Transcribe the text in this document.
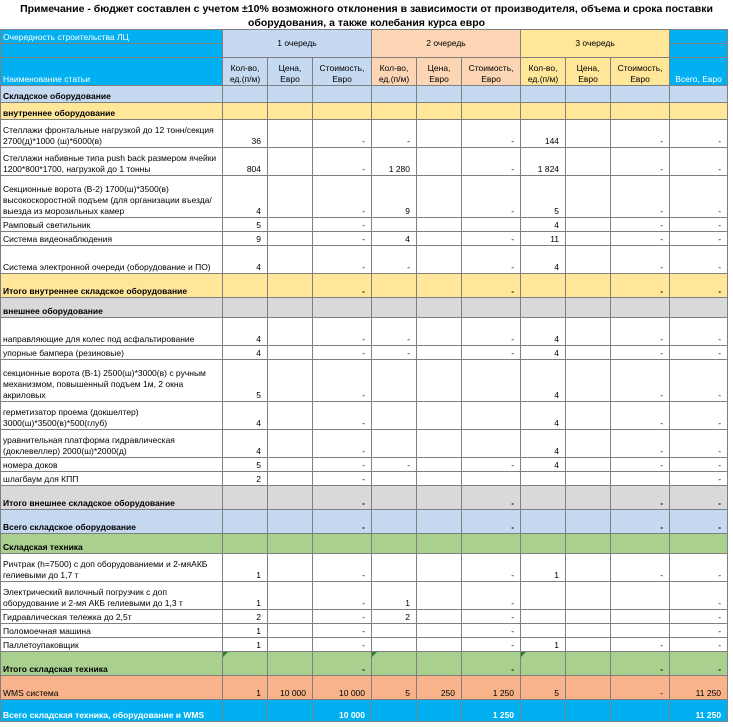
Примечание - бюджет составлен с учетом ±10% возможного отклонения в зависимости от производителя, объема и срока поставки оборудования, а также колебания курса евро
Очередность строительства ЛЦ	1 очередь			2 очередь			3 очередь			

Наименование статьи	Кол-во, ед.(п/м)	Цена, Евро	Стоимость, Евро	Кол-во, ед.(п/м)	Цена, Евро	Стоимость, Евро	Кол-во, ед.(п/м)	Цена, Евро	Стоимость, Евро	Всего, Евро
Складское оборудование										
внутреннее оборудование										
Стеллажи фронтальные нагрузкой до 12 тонн/секция 2700(д)*1000 (ш)*6000(в)	36		-	-		-	144		-	-
Стеллажи набивные типа push back размером ячейки 1200*800*1700, нагрузкой до 1 тонны	804		-	1 280		-	1 824		-	-
Секционные ворота (В-2) 1700(ш)*3500(в) высокоскоростной подъем (для организации въезда/выезда из морозильных камер	4		-	9		-	5		-	-
Рамповый светильник	5		-				4		-	-
Система видеонаблюдения	9		-	4		-	11		-	-
Система электронной очереди (оборудование и ПО)	4		-	-		-	4		-	-
Итого внутреннее складское оборудование			-			-			-	-
внешнее оборудование										
направляющие для колес под асфальтирование	4		-	-		-	4		-	-
упорные бампера (резиновые)	4		-	-		-	4		-	-
секционные ворота (В-1) 2500(ш)*3000(в) с ручным механизмом, повышенный подъем 1м, 2 окна акриловых	5		-				4		-	-
герметизатор проема (докшелтер) 3000(ш)*3500(в)*500(глуб)	4		-				4		-	-
уравнительная платформа гидравлическая (доклевеллер) 2000(ш)*2000(д)	4		-				4		-	-
номера доков	5		-	-		-	4		-	-
шлагбаум для КПП	2		-							-
Итого внешнее складское оборудование			-			-			-	-
Всего складское оборудование			-			-			-	-
Складская техника										
Ричтрак (h=7500) с доп оборудованиеми и 2-мяАКБ гелиевыми до 1,7 т	1		-			-	1		-	-
Электрический вилочный погрузчик с доп оборудование и 2-мя АКБ гелиевыми до 1,3 т	1		-	1		-				-
Гидравлическая тележка до 2,5т	2		-	2		-				-
Поломоечная машина	1		-			-				-
Паллетоупаковщик	1		-			-	1		-	-
Итого складская техника			-			-			-	-
WMS система	1	10 000	10 000	5	250	1 250	5		-	11 250
Всего складская техника, оборудование и WMS			10 000			1 250				11 250
